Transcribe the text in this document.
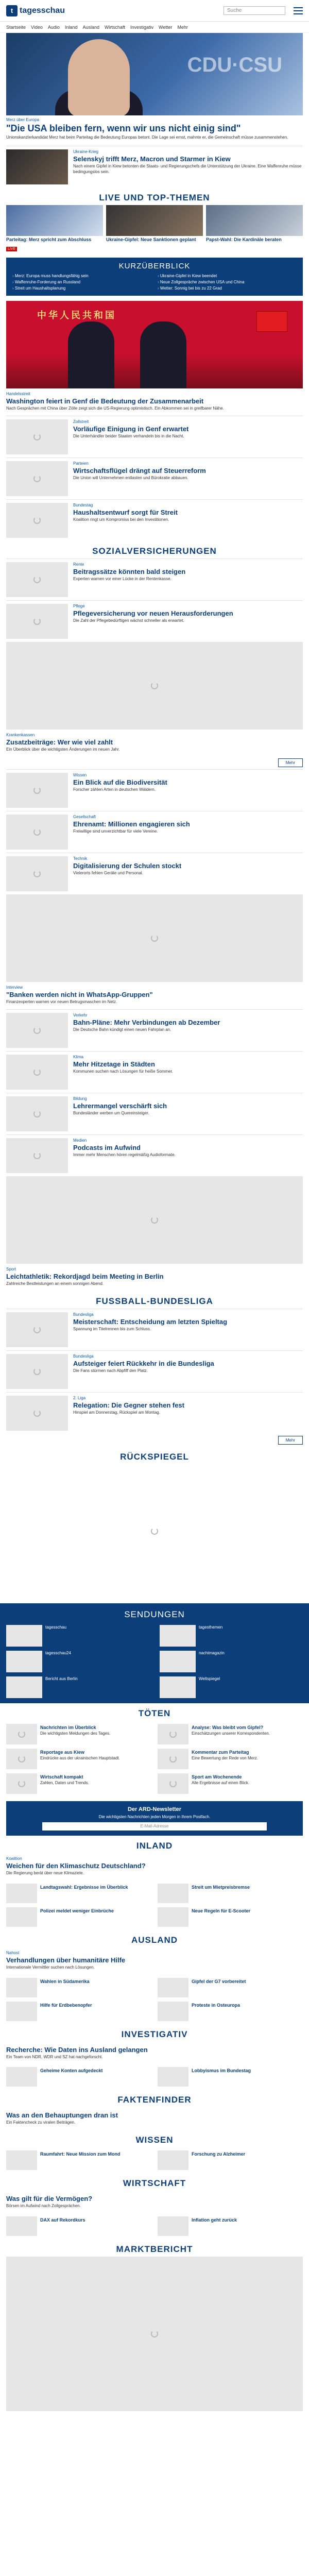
t tagesschau	Suche
Startseite Video Audio Inland Ausland Wirtschaft Investigativ Wetter Mehr
CDU·CSU

Merz über Europa

"Die USA bleiben fern, wenn wir uns nicht einig sind"

Unionskanzlerkandidat Merz hat beim Parteitag die Bedeutung Europas betont. Die Lage sei ernst, mahnte er, die Gemeinschaft müsse zusammenstehen.

Ukraine-Krieg

Selenskyj trifft Merz, Macron und Starmer in Kiew

Nach einem Gipfel in Kiew betonten die Staats- und Regierungschefs die Unterstützung der Ukraine. Eine Waffenruhe müsse bedingungslos sein.

LIVE UND TOP-THEMEN
Parteitag: Merz spricht zum Abschluss
LIVE
Ukraine-Gipfel: Neue Sanktionen geplant	Papst-Wahl: Die Kardinäle beraten
KURZÜBERBLICK
› Merz: Europa muss handlungsfähig sein	› Ukraine-Gipfel in Kiew beendet
› Waffenruhe-Forderung an Russland	› Neue Zollgespräche zwischen USA und China
› Streit um Haushaltsplanung	› Wetter: Sonnig bei bis zu 22 Grad
中华人民共和国

Handelsstreit

Washington feiert in Genf die Bedeutung der Zusammenarbeit

Nach Gesprächen mit China über Zölle zeigt sich die US-Regierung optimistisch. Ein Abkommen sei in greifbarer Nähe.

Zollstreit

Vorläufige Einigung in Genf erwartet

Die Unterhändler beider Staaten verhandeln bis in die Nacht.

Parteien

Wirtschaftsflügel drängt auf Steuerreform

Die Union will Unternehmen entlasten und Bürokratie abbauen.

Bundestag

Haushaltsentwurf sorgt für Streit

Koalition ringt um Kompromiss bei den Investitionen.

SOZIALVERSICHERUNGEN

Rente

Beitragssätze könnten bald steigen

Experten warnen vor einer Lücke in der Rentenkasse.

Pflege

Pflegeversicherung vor neuen Herausforderungen

Die Zahl der Pflegebedürftigen wächst schneller als erwartet.

Krankenkassen

Zusatzbeiträge: Wer wie viel zahlt

Ein Überblick über die wichtigsten Änderungen im neuen Jahr.

Mehr

Wissen

Ein Blick auf die Biodiversität

Forscher zählen Arten in deutschen Wäldern.

Gesellschaft

Ehrenamt: Millionen engagieren sich

Freiwillige sind unverzichtbar für viele Vereine.

Technik

Digitalisierung der Schulen stockt

Vielerorts fehlen Geräte und Personal.

Interview

"Banken werden nicht in WhatsApp-Gruppen"

Finanzexperten warnen vor neuen Betrugsmaschen im Netz.

Verkehr

Bahn-Pläne: Mehr Verbindungen ab Dezember

Die Deutsche Bahn kündigt einen neuen Fahrplan an.

Klima

Mehr Hitzetage in Städten

Kommunen suchen nach Lösungen für heiße Sommer.

Bildung

Lehrermangel verschärft sich

Bundesländer werben um Quereinsteiger.

Medien

Podcasts im Aufwind

Immer mehr Menschen hören regelmäßig Audioformate.

Sport

Leichtathletik: Rekordjagd beim Meeting in Berlin

Zahlreiche Bestleistungen an einem sonnigen Abend.

FUSSBALL-BUNDESLIGA

Bundesliga

Meisterschaft: Entscheidung am letzten Spieltag

Spannung im Titelrennen bis zum Schluss.

Bundesliga

Aufsteiger feiert Rückkehr in die Bundesliga

Die Fans stürmen nach Abpfiff den Platz.

2. Liga

Relegation: Die Gegner stehen fest

Hinspiel am Donnerstag, Rückspiel am Montag.

Mehr
RÜCKSPIEGEL
SENDUNGEN
tagesschau	tagesthemen
tagesschau24	nachtmagazin
Bericht aus Berlin	Weltspiegel
TÖTEN
Nachrichten im Überblick

Die wichtigsten Meldungen des Tages.

Analyse: Was bleibt vom Gipfel?

Einschätzungen unserer Korrespondenten.

Reportage aus Kiew

Eindrücke aus der ukrainischen Hauptstadt.

Kommentar zum Parteitag

Eine Bewertung der Rede von Merz.

Wirtschaft kompakt

Zahlen, Daten und Trends.

Sport am Wochenende

Alle Ergebnisse auf einen Blick.

Der ARD-Newsletter
Die wichtigsten Nachrichten jeden Morgen in Ihrem Postfach.
E-Mail-Adresse
INLAND

Koalition

Weichen für den Klimaschutz Deutschland?

Die Regierung berät über neue Klimaziele.

Landtagswahl: Ergebnisse im Überblick	Streit um Mietpreisbremse
Polizei meldet weniger Einbrüche	Neue Regeln für E-Scooter
AUSLAND

Nahost

Verhandlungen über humanitäre Hilfe

Internationale Vermittler suchen nach Lösungen.

Wahlen in Südamerika	Gipfel der G7 vorbereitet
Hilfe für Erdbebenopfer	Proteste in Osteuropa
INVESTIGATIV
Recherche: Wie Daten ins Ausland gelangen

Ein Team von NDR, WDR und SZ hat nachgeforscht.

Geheime Konten aufgedeckt	Lobbyismus im Bundestag
FAKTENFINDER
Was an den Behauptungen dran ist

Ein Faktencheck zu viralen Beiträgen.

WISSEN
Raumfahrt: Neue Mission zum Mond	Forschung zu Alzheimer
WIRTSCHAFT
Was gilt für die Vermögen?

Börsen im Aufwind nach Zollgesprächen.

DAX auf Rekordkurs	Inflation geht zurück
MARKTBERICHT
